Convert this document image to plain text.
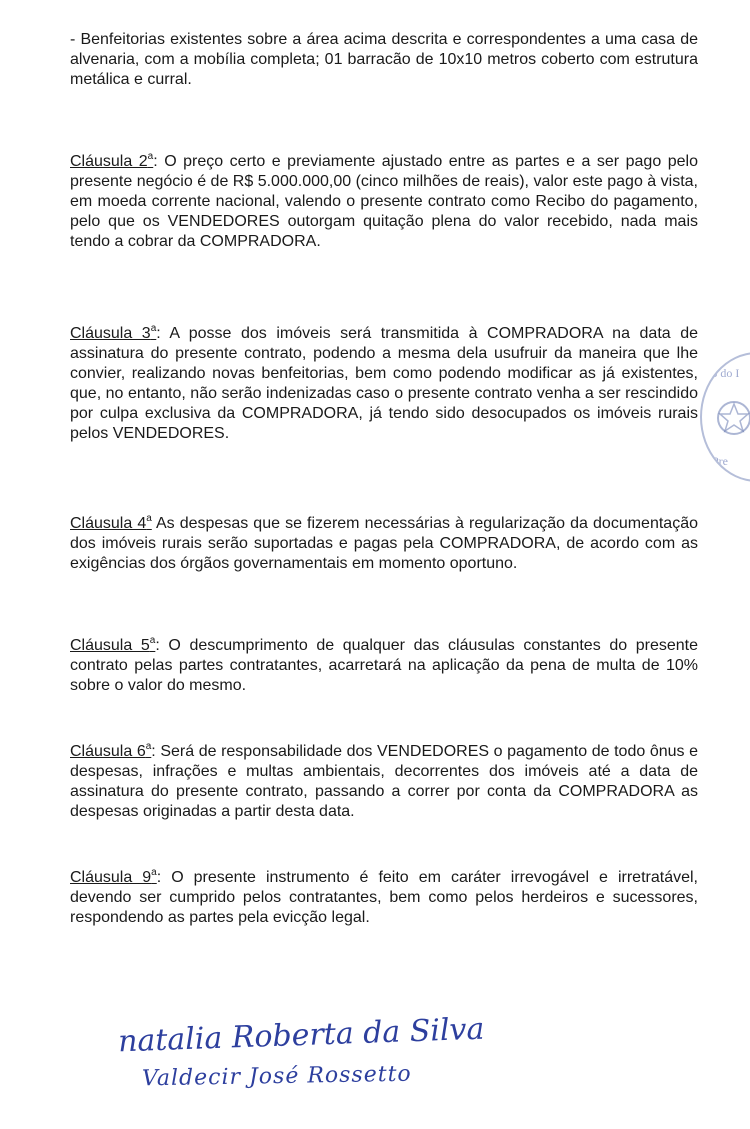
- Benfeitorias existentes sobre a área acima descrita e correspondentes a uma casa de alvenaria, com a mobília completa; 01 barracão de 10x10 metros coberto com estrutura metálica e curral.

Cláusula 2$^a$: O preço certo e previamente ajustado entre as partes e a ser pago pelo presente negócio é de R$ 5.000.000,00 (cinco milhões de reais), valor este pago à vista, em moeda corrente nacional, valendo o presente contrato como Recibo do pagamento, pelo que os VENDEDORES outorgam quitação plena do valor recebido, nada mais tendo a cobrar da COMPRADORA.

Cláusula 3$^a$: A posse dos imóveis será transmitida à COMPRADORA na data de assinatura do presente contrato, podendo a mesma dela usufruir da maneira que lhe convier, realizando novas benfeitorias, bem como podendo modificar as já existentes, que, no entanto, não serão indenizadas caso o presente contrato venha a ser rescindido por culpa exclusiva da COMPRADORA, já tendo sido desocupados os imóveis rurais pelos VENDEDORES.

Cláusula 4$^a$ As despesas que se fizerem necessárias à regularização da documentação dos imóveis rurais serão suportadas e pagas pela COMPRADORA, de acordo com as exigências dos órgãos governamentais em momento oportuno.

Cláusula 5$^a$: O descumprimento de qualquer das cláusulas constantes do presente contrato pelas partes contratantes, acarretará na aplicação da pena de multa de 10% sobre o valor do mesmo.

Cláusula 6$^a$: Será de responsabilidade dos VENDEDORES o pagamento de todo ônus e despesas, infrações e multas ambientais, decorrentes dos imóveis até a data de assinatura do presente contrato, passando a correr por conta da COMPRADORA as despesas originadas a partir desta data.

Cláusula 9$^a$: O presente instrumento é feito em caráter irrevogável e irretratável, devendo ser cumprido pelos contratantes, bem como pelos herdeiros e sucessores, respondendo as partes pela evicção legal.

io do I
Pre
natalia Roberta da Silva
Valdecir José Rossetto
